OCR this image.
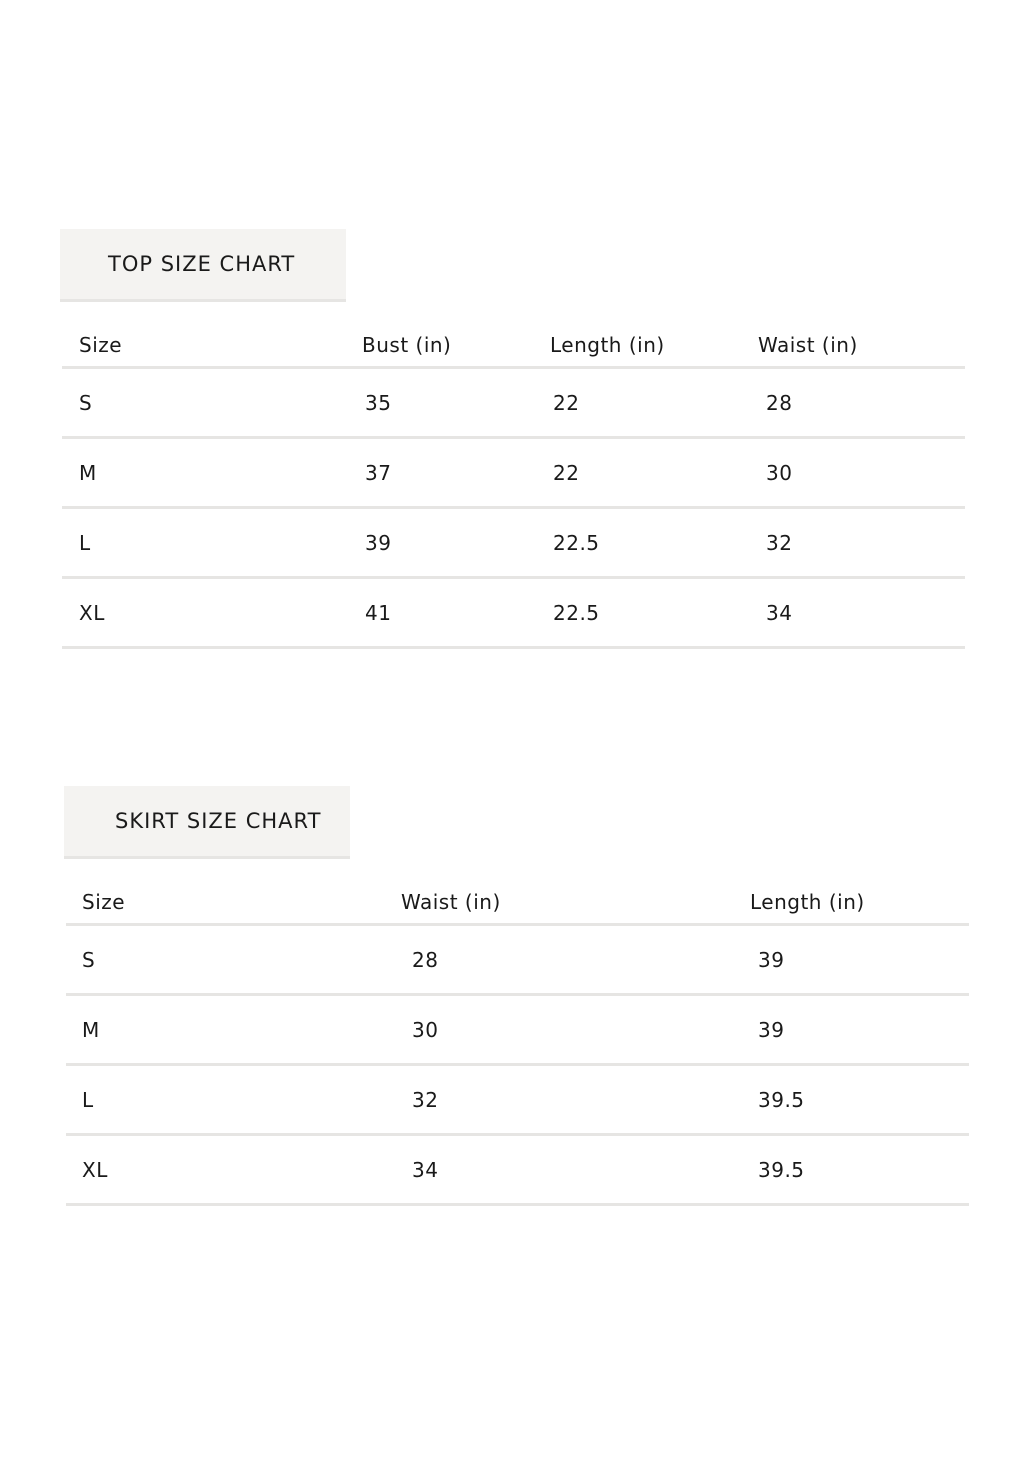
TOP SIZE CHART
Size	Bust (in)	Length (in)	Waist (in)
S	35	22	28
M	37	22	30
L	39	22.5	32
XL	41	22.5	34
SKIRT SIZE CHART
Size	Waist (in)	Length (in)
S	28	39
M	30	39
L	32	39.5
XL	34	39.5
